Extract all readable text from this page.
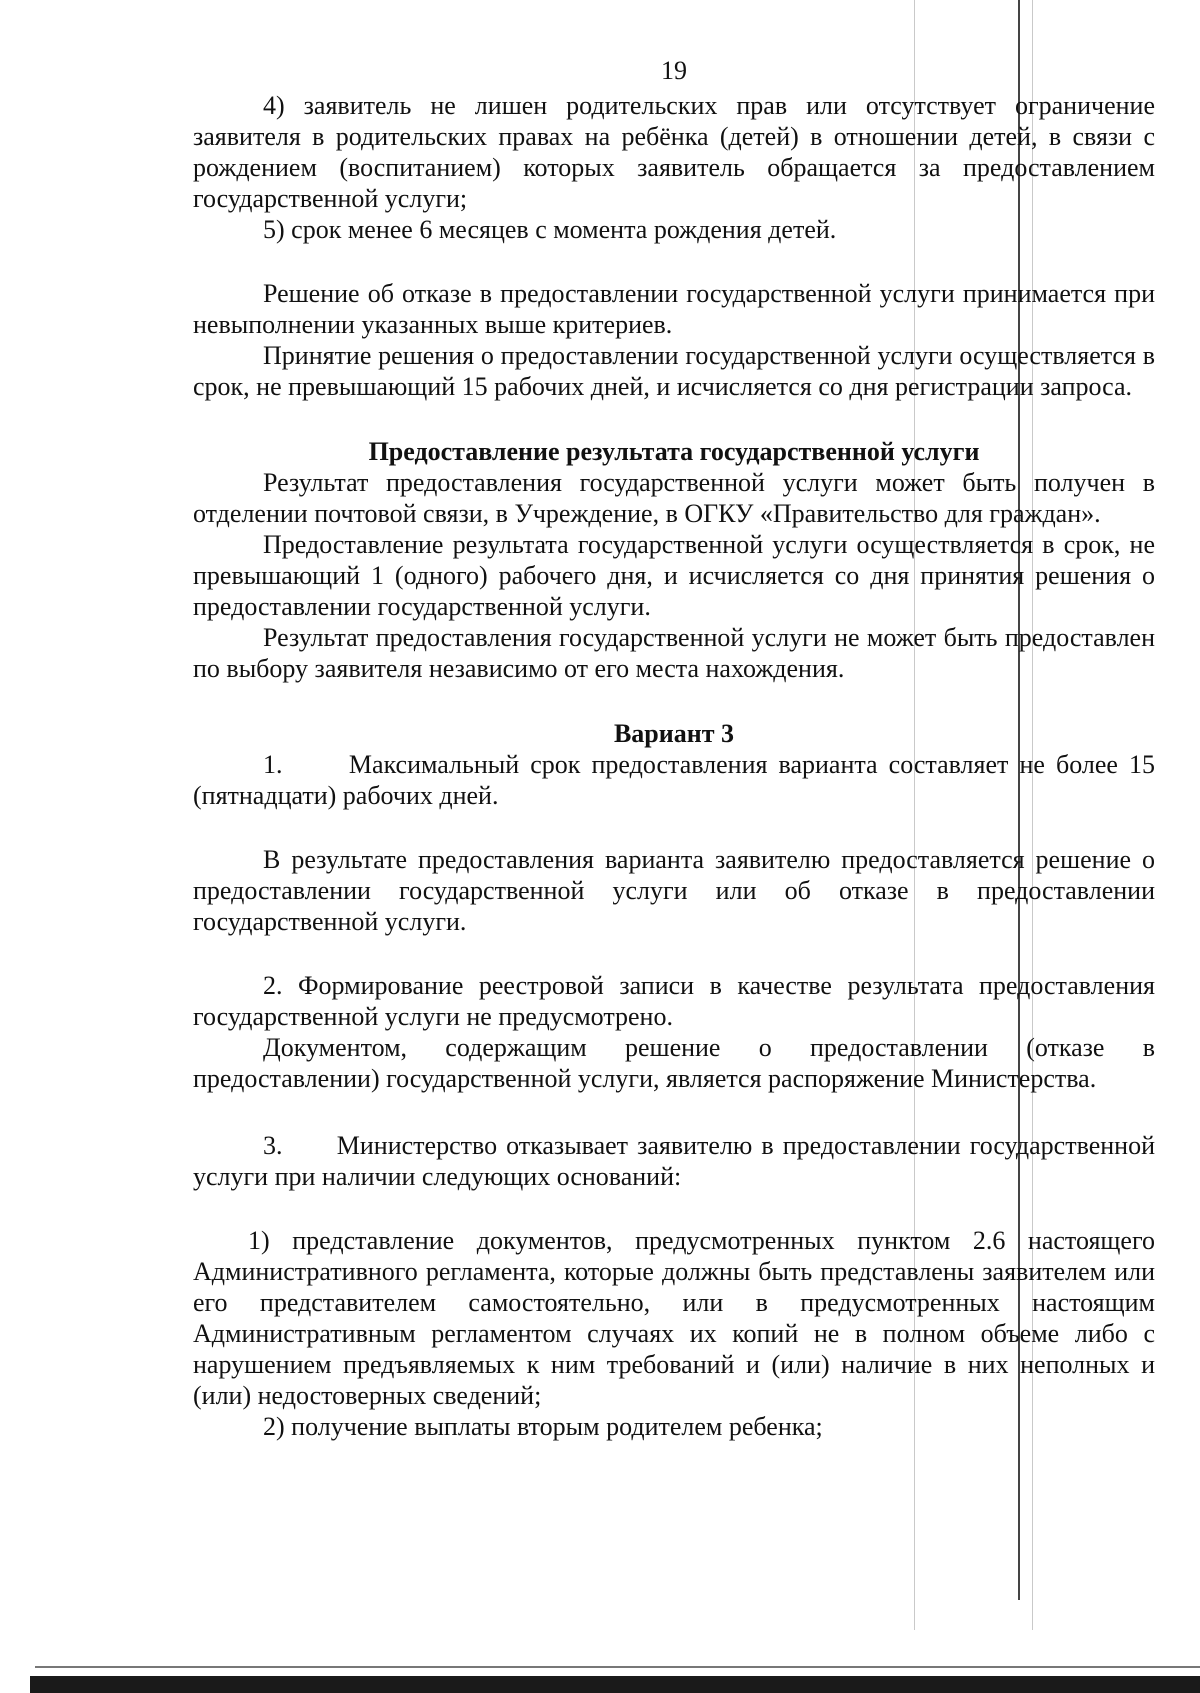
19

4) заявитель не лишен родительских прав или отсутствует ограничение заявителя в родительских правах на ребёнка (детей) в отношении детей, в связи с рождением (воспитанием) которых заявитель обращается за предоставлением государственной услуги;

5) срок менее 6 месяцев с момента рождения детей.

Решение об отказе в предоставлении государственной услуги принимается при невыполнении указанных выше критериев.

Принятие решения о предоставлении государственной услуги осуществляется в срок, не превышающий 15 рабочих дней, и исчисляется со дня регистрации запроса.

Предоставление результата государственной услуги

Результат предоставления государственной услуги может быть получен в отделении почтовой связи, в Учреждение, в ОГКУ «Правительство для граждан».

Предоставление результата государственной услуги осуществляется в срок, не превышающий 1 (одного) рабочего дня, и исчисляется со дня принятия решения о предоставлении государственной услуги.

Результат предоставления государственной услуги не может быть предоставлен по выбору заявителя независимо от его места нахождения.

Вариант 3

1.      Максимальный срок предоставления варианта составляет не более 15 (пятнадцати) рабочих дней.

В результате предоставления варианта заявителю предоставляется решение о предоставлении государственной услуги или об отказе в предоставлении государственной услуги.

2. Формирование реестровой записи в качестве результата предоставления государственной услуги не предусмотрено.

Документом, содержащим решение о предоставлении (отказе в предоставлении) государственной услуги, является распоряжение Министерства.

3.      Министерство отказывает заявителю в предоставлении государственной услуги при наличии следующих оснований:

1) представление документов, предусмотренных пунктом 2.6 настоящего Административного регламента, которые должны быть представлены заявителем или его представителем самостоятельно, или в предусмотренных настоящим Административным регламентом случаях их копий не в полном объеме либо с нарушением предъявляемых к ним требований и (или) наличие в них неполных и (или) недостоверных сведений;

2) получение выплаты вторым родителем ребенка;
